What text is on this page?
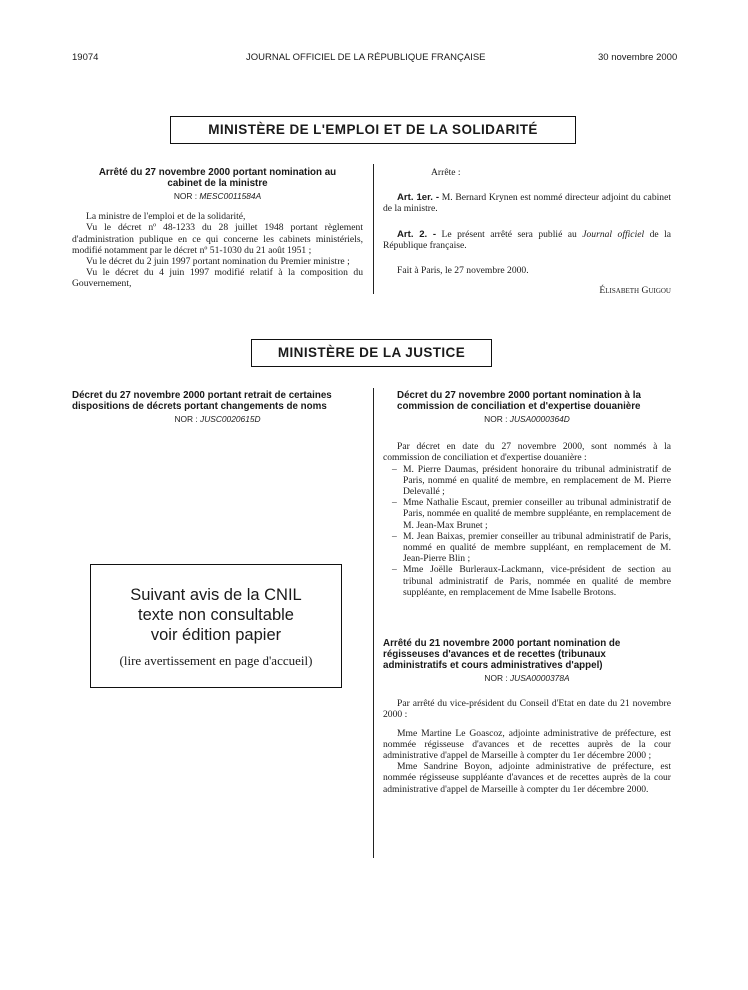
19074	JOURNAL OFFICIEL DE LA RÉPUBLIQUE FRANÇAISE	30 novembre 2000
MINISTÈRE DE L'EMPLOI ET DE LA SOLIDARITÉ
Arrêté du 27 novembre 2000 portant nomination au cabinet de la ministre
NOR : MESC0011584A

La ministre de l'emploi et de la solidarité,

Vu le décret nº 48-1233 du 28 juillet 1948 portant règlement d'administration publique en ce qui concerne les cabinets ministériels, modifié notamment par le décret nº 51-1030 du 21 août 1951 ;

Vu le décret du 2 juin 1997 portant nomination du Premier ministre ;

Vu le décret du 4 juin 1997 modifié relatif à la composition du Gouvernement,

Arrête :

Art. 1er. - M. Bernard Krynen est nommé directeur adjoint du cabinet de la ministre.

Art. 2. - Le présent arrêté sera publié au Journal officiel de la République française.

Fait à Paris, le 27 novembre 2000.

Élisabeth Guigou
MINISTÈRE DE LA JUSTICE
Décret du 27 novembre 2000 portant retrait de certaines dispositions de décrets portant changements de noms
NOR : JUSC0020615D
Suivant avis de la CNIL
texte non consultable
voir édition papier
(lire avertissement en page d'accueil)
Décret du 27 novembre 2000 portant nomination à la commission de conciliation et d'expertise douanière
NOR : JUSA0000364D

Par décret en date du 27 novembre 2000, sont nommés à la commission de conciliation et d'expertise douanière :

– M. Pierre Daumas, président honoraire du tribunal administratif de Paris, nommé en qualité de membre, en remplacement de M. Pierre Delevallé ;
– Mme Nathalie Escaut, premier conseiller au tribunal administratif de Paris, nommée en qualité de membre suppléante, en remplacement de M. Jean-Max Brunet ;
– M. Jean Baixas, premier conseiller au tribunal administratif de Paris, nommé en qualité de membre suppléant, en remplacement de M. Jean-Pierre Blin ;
– Mme Joëlle Burleraux-Lackmann, vice-président de section au tribunal administratif de Paris, nommée en qualité de membre suppléante, en remplacement de Mme Isabelle Brotons.
Arrêté du 21 novembre 2000 portant nomination de régisseuses d'avances et de recettes (tribunaux administratifs et cours administratives d'appel)
NOR : JUSA0000378A

Par arrêté du vice-président du Conseil d'Etat en date du 21 novembre 2000 :

Mme Martine Le Goascoz, adjointe administrative de préfecture, est nommée régisseuse d'avances et de recettes auprès de la cour administrative d'appel de Marseille à compter du 1er décembre 2000 ;

Mme Sandrine Boyon, adjointe administrative de préfecture, est nommée régisseuse suppléante d'avances et de recettes auprès de la cour administrative d'appel de Marseille à compter du 1er décembre 2000.
